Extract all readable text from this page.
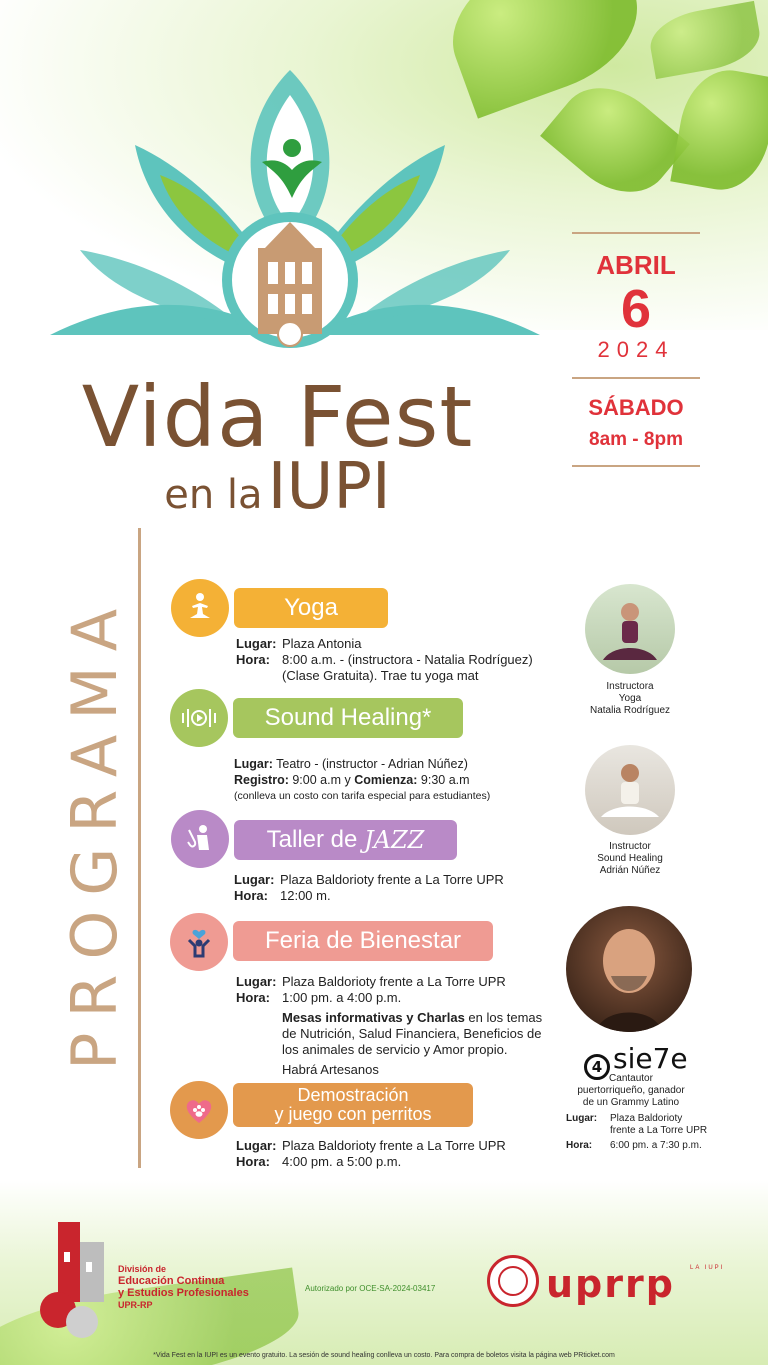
Vida Fest
en la IUPI
ABRIL
6
2024
SÁBADO
8am - 8pm
PROGRAMA	Yoga
Lugar: Plaza Antonia
Hora: 8:00 a.m. - (instructora - Natalia Rodríguez)
(Clase Gratuita). Trae tu yoga mat
Sound Healing*
Lugar: Teatro - (instructor - Adrian Núñez)
Registro: 9:00 a.m y Comienza: 9:30 a.m
(conlleva un costo con tarifa especial para estudiantes)
Taller de
JAZZ
Lugar: Plaza Baldorioty frente a La Torre UPR
Hora: 12:00 m.
Feria de Bienestar
Lugar: Plaza Baldorioty frente a La Torre UPR
Hora: 1:00 pm. a 4:00 p.m.
Mesas informativas y Charlas en los temas de Nutrición, Salud Financiera, Beneficios de los animales de servicio y Amor propio.
Habrá Artesanos
Demostración
y juego con perritos
Lugar: Plaza Baldorioty frente a La Torre UPR
Hora: 4:00 pm. a 5:00 p.m.
Instructora
Yoga
Natalia Rodríguez
Instructor
Sound Healing
Adrián Núñez
4 sie7e
Cantautor
puertorriqueño, ganador
de un Grammy Latino
Lugar:	Plaza Baldorioty
frente a La Torre UPR
Hora:	6:00 pm. a 7:30 p.m.
División de
Educación Continua
y Estudios Profesionales
UPR-RP
Autorizado por OCE-SA-2024-03417
LA IUPI
uprrp
*Vida Fest en la IUPI es un evento gratuito. La sesión de sound healing conlleva un costo. Para compra de boletos visita la página web PRticket.com
